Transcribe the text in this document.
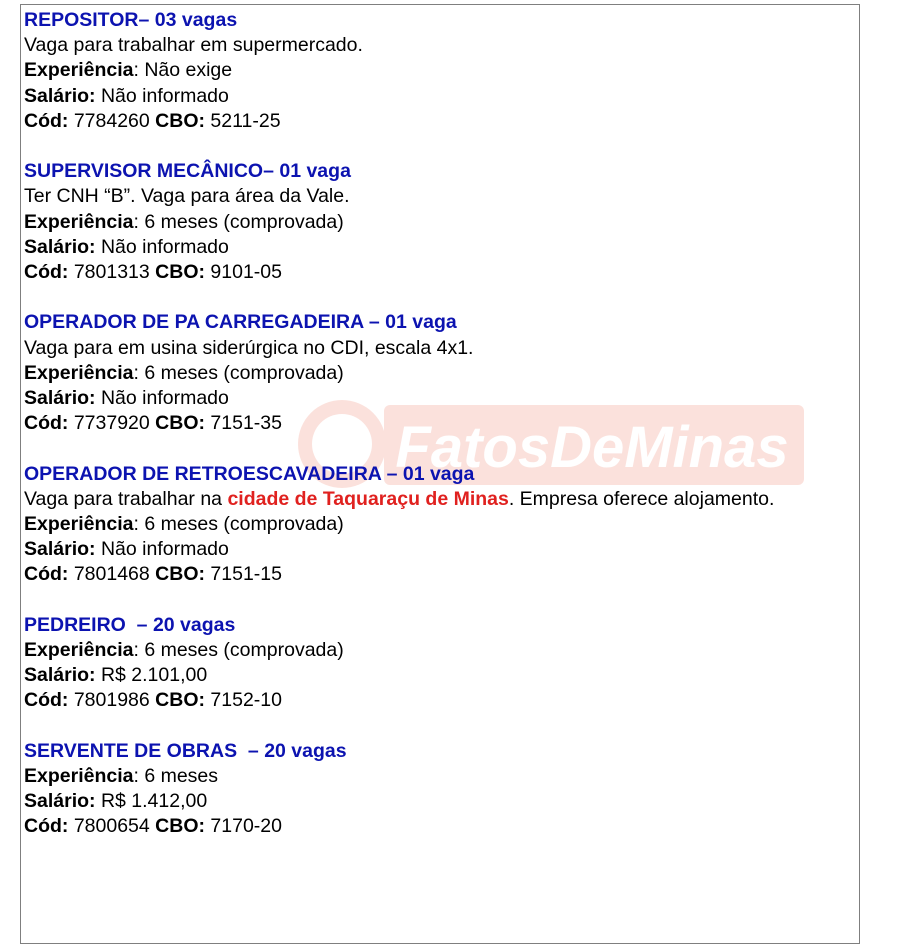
FatosDeMinas
REPOSITOR– 03 vagas
Vaga para trabalhar em supermercado.
Experiência: Não exige
Salário: Não informado
Cód: 7784260 CBO: 5211-25
SUPERVISOR MECÂNICO– 01 vaga
Ter CNH “B”. Vaga para área da Vale.
Experiência: 6 meses (comprovada)
Salário: Não informado
Cód: 7801313 CBO: 9101-05
OPERADOR DE PA CARREGADEIRA – 01 vaga
Vaga para em usina siderúrgica no CDI, escala 4x1.
Experiência: 6 meses (comprovada)
Salário: Não informado
Cód: 7737920 CBO: 7151-35
OPERADOR DE RETROESCAVADEIRA – 01 vaga
Vaga para trabalhar na cidade de Taquaraçu de Minas. Empresa oferece alojamento.
Experiência: 6 meses (comprovada)
Salário: Não informado
Cód: 7801468 CBO: 7151-15
PEDREIRO  – 20 vagas
Experiência: 6 meses (comprovada)
Salário: R$ 2.101,00
Cód: 7801986 CBO: 7152-10
SERVENTE DE OBRAS  – 20 vagas
Experiência: 6 meses
Salário: R$ 1.412,00
Cód: 7800654 CBO: 7170-20
